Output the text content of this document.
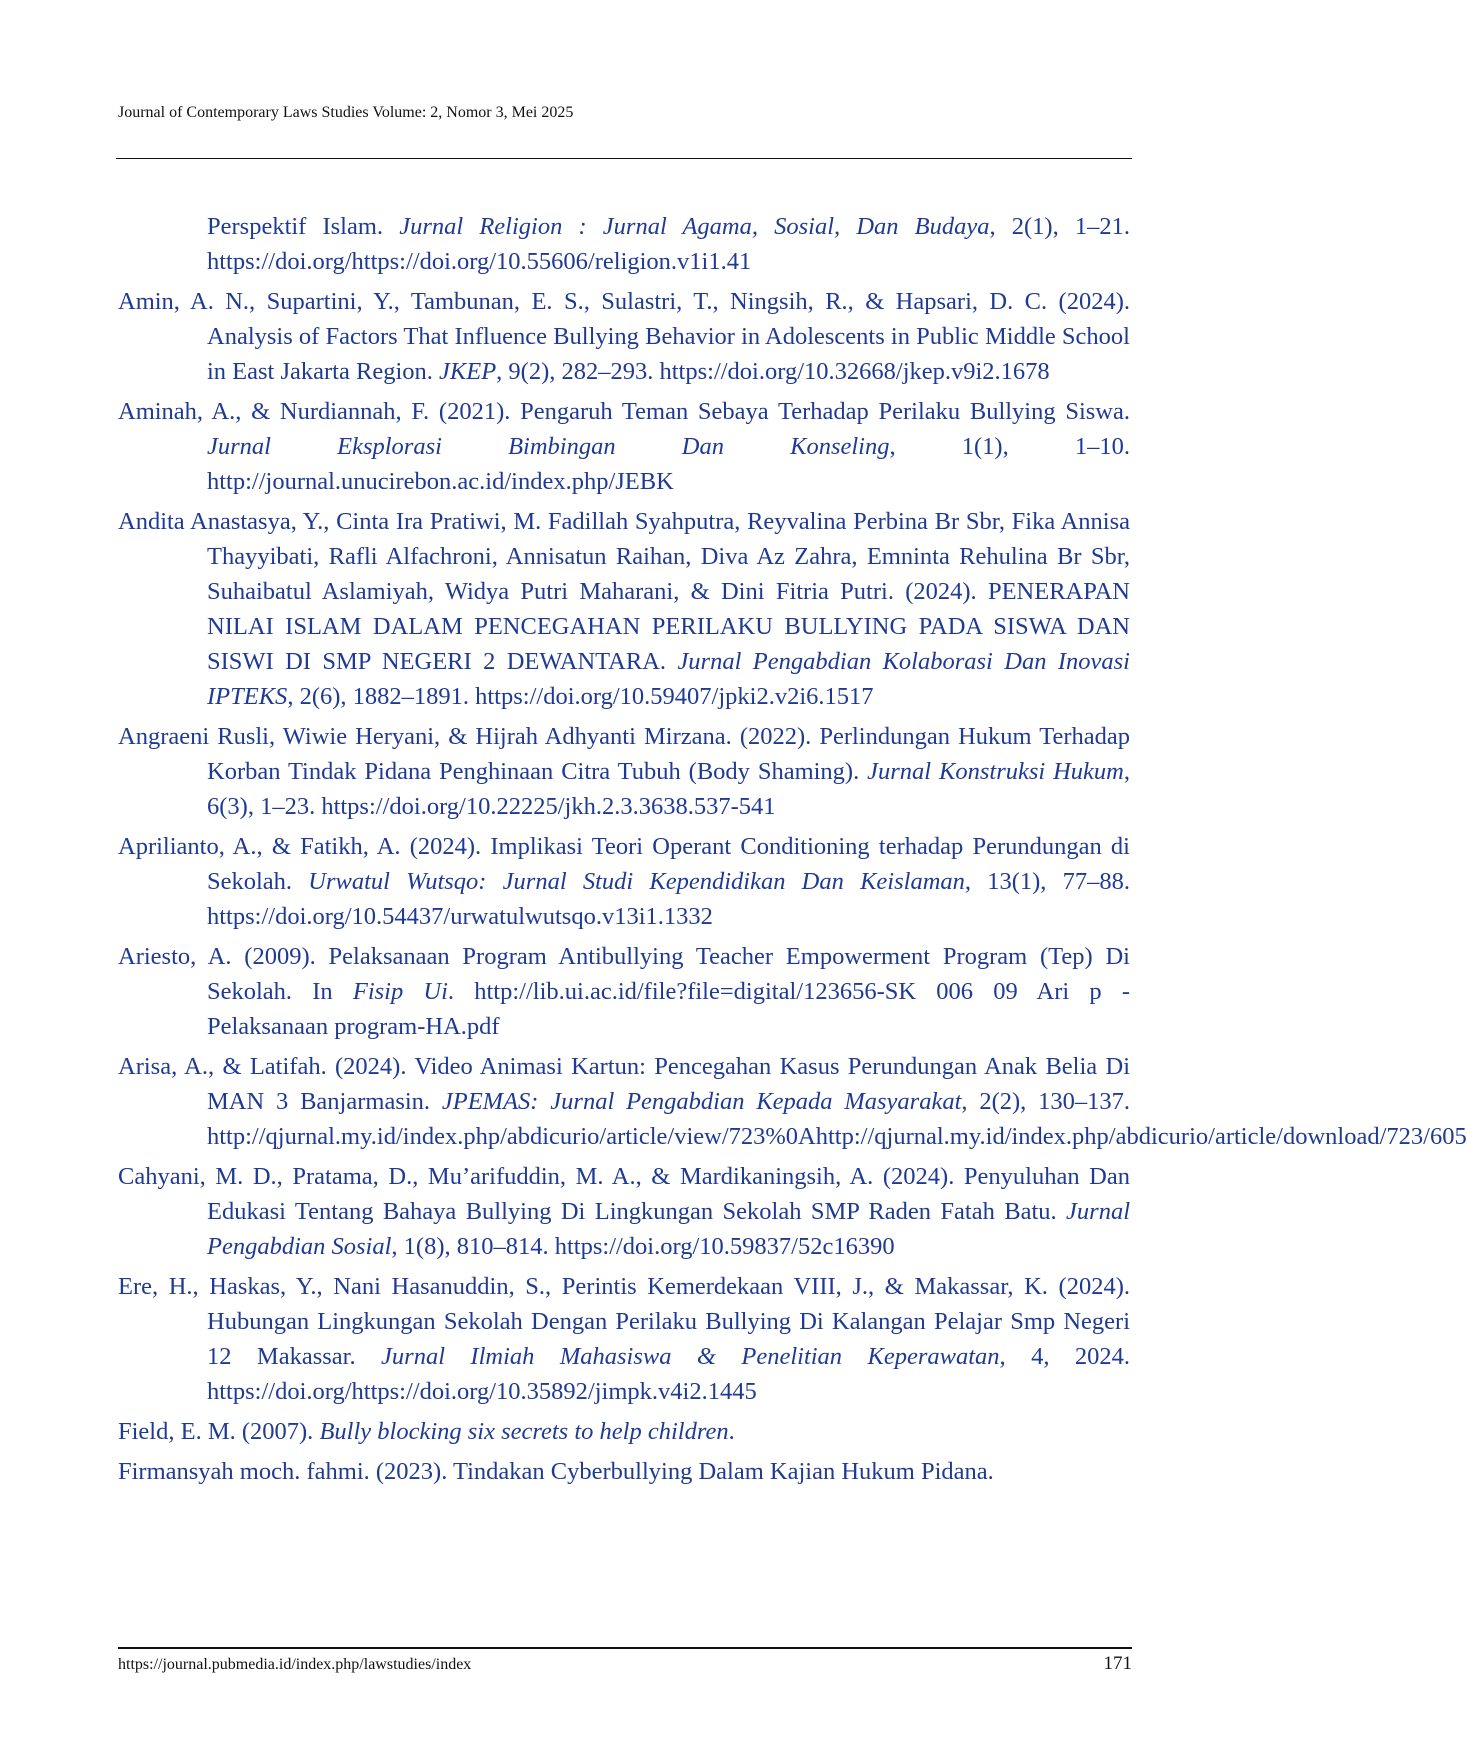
Journal of Contemporary Laws Studies Volume: 2, Nomor 3, Mei 2025

Perspektif Islam. Jurnal Religion : Jurnal Agama, Sosial, Dan Budaya, 2(1), 1–21. https://doi.org/https://doi.org/10.55606/religion.v1i1.41

Amin, A. N., Supartini, Y., Tambunan, E. S., Sulastri, T., Ningsih, R., & Hapsari, D. C. (2024). Analysis of Factors That Influence Bullying Behavior in Adolescents in Public Middle School in East Jakarta Region. JKEP, 9(2), 282–293. https://doi.org/10.32668/jkep.v9i2.1678

Aminah, A., & Nurdiannah, F. (2021). Pengaruh Teman Sebaya Terhadap Perilaku Bullying Siswa. Jurnal Eksplorasi Bimbingan Dan Konseling, 1(1), 1–10. http://journal.unucirebon.ac.id/index.php/JEBK

Andita Anastasya, Y., Cinta Ira Pratiwi, M. Fadillah Syahputra, Reyvalina Perbina Br Sbr, Fika Annisa Thayyibati, Rafli Alfachroni, Annisatun Raihan, Diva Az Zahra, Emninta Rehulina Br Sbr, Suhaibatul Aslamiyah, Widya Putri Maharani, & Dini Fitria Putri. (2024). PENERAPAN NILAI ISLAM DALAM PENCEGAHAN PERILAKU BULLYING PADA SISWA DAN SISWI DI SMP NEGERI 2 DEWANTARA. Jurnal Pengabdian Kolaborasi Dan Inovasi IPTEKS, 2(6), 1882–1891. https://doi.org/10.59407/jpki2.v2i6.1517

Angraeni Rusli, Wiwie Heryani, & Hijrah Adhyanti Mirzana. (2022). Perlindungan Hukum Terhadap Korban Tindak Pidana Penghinaan Citra Tubuh (Body Shaming). Jurnal Konstruksi Hukum, 6(3), 1–23. https://doi.org/10.22225/jkh.2.3.3638.537-541

Aprilianto, A., & Fatikh, A. (2024). Implikasi Teori Operant Conditioning terhadap Perundungan di Sekolah. Urwatul Wutsqo: Jurnal Studi Kependidikan Dan Keislaman, 13(1), 77–88. https://doi.org/10.54437/urwatulwutsqo.v13i1.1332

Ariesto, A. (2009). Pelaksanaan Program Antibullying Teacher Empowerment Program (Tep) Di Sekolah. In Fisip Ui. http://lib.ui.ac.id/file?file=digital/123656-SK 006 09 Ari p - Pelaksanaan program-HA.pdf

Arisa, A., & Latifah. (2024). Video Animasi Kartun: Pencegahan Kasus Perundungan Anak Belia Di MAN 3 Banjarmasin. JPEMAS: Jurnal Pengabdian Kepada Masyarakat, 2(2), 130–137. http://qjurnal.my.id/index.php/abdicurio/article/view/723%0Ahttp://qjurnal.my.id/index.php/abdicurio/article/download/723/605

Cahyani, M. D., Pratama, D., Mu’arifuddin, M. A., & Mardikaningsih, A. (2024). Penyuluhan Dan Edukasi Tentang Bahaya Bullying Di Lingkungan Sekolah SMP Raden Fatah Batu. Jurnal Pengabdian Sosial, 1(8), 810–814. https://doi.org/10.59837/52c16390

Ere, H., Haskas, Y., Nani Hasanuddin, S., Perintis Kemerdekaan VIII, J., & Makassar, K. (2024). Hubungan Lingkungan Sekolah Dengan Perilaku Bullying Di Kalangan Pelajar Smp Negeri 12 Makassar. Jurnal Ilmiah Mahasiswa & Penelitian Keperawatan, 4, 2024. https://doi.org/https://doi.org/10.35892/jimpk.v4i2.1445

Field, E. M. (2007). Bully blocking six secrets to help children.

Firmansyah moch. fahmi. (2023). Tindakan Cyberbullying Dalam Kajian Hukum Pidana.

https://journal.pubmedia.id/index.php/lawstudies/index	171
